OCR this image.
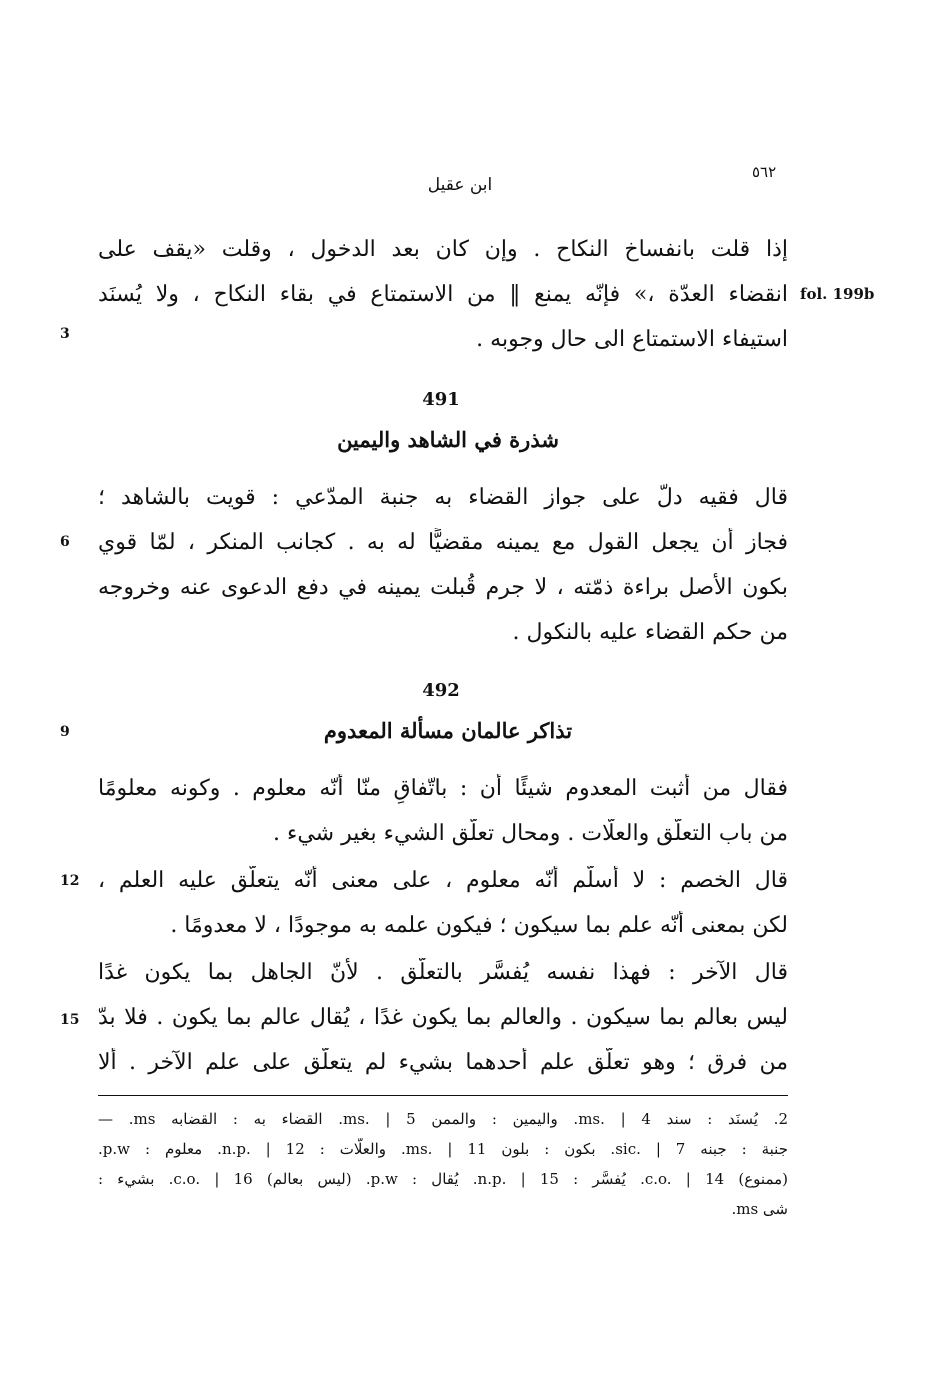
٥٦٢
ابن عقيل
إذا قلت بانفساخ النكاح . وإن كان بعد الدخول ، وقلت «يقف على
انقضاء العدّة ،» فإنّه يمنع ‖ من الاستمتاع في بقاء النكاح ، ولا يُسنَد
استيفاء الاستمتاع الى حال وجوبه .
fol. 199b
3
491
شذرة في الشاهد واليمين
قال فقيه دلّ على جواز القضاء به جنبة المدّعي : قويت بالشاهد ؛
فجاز أن يجعل القول مع يمينه مقضيًّا له به . كجانب المنكر ، لمّا قوي
بكون الأصل براءة ذمّته ، لا جرم قُبلت يمينه في دفع الدعوى عنه وخروجه
من حكم القضاء عليه بالنكول .
6
492
تذاكر عالمان مسألة المعدوم
9
فقال من أثبت المعدوم شيئًا أن : باتّفاقٍ منّا أنّه معلوم . وكونه معلومًا
من باب التعلّق والعلّات . ومحال تعلّق الشيء بغير شيء .
قال الخصم : لا أسلّم أنّه معلوم ، على معنى أنّه يتعلّق عليه العلم ،
لكن بمعنى أنّه علم بما سيكون ؛ فيكون علمه به موجودًا ، لا معدومًا .
12
قال الآخر : فهذا نفسه يُفسَّر بالتعلّق . لأنّ الجاهل بما يكون غدًا
ليس بعالم بما سيكون . والعالم بما يكون غدًا ، يُقال عالم بما يكون . فلا بدّ
من فرق ؛ وهو تعلّق علم أحدهما بشيء لم يتعلّق على علم الآخر . ألا
15
2. يُسنَد : سند ms. | 4. واليمين : والممن ms. | 5. القضاء به : القضابه ms. —
جنبة : جبنه sic. | 7. بكون : بلون ms. | 11. والعلّات : n.p. | 12. معلوم : p.w.
(ممنوع) c.o. | 14. يُفسَّر : n.p. | 15. يُقال : p.w. (ليس بعالم) c.o. | 16. بشيء :
شى ms.
